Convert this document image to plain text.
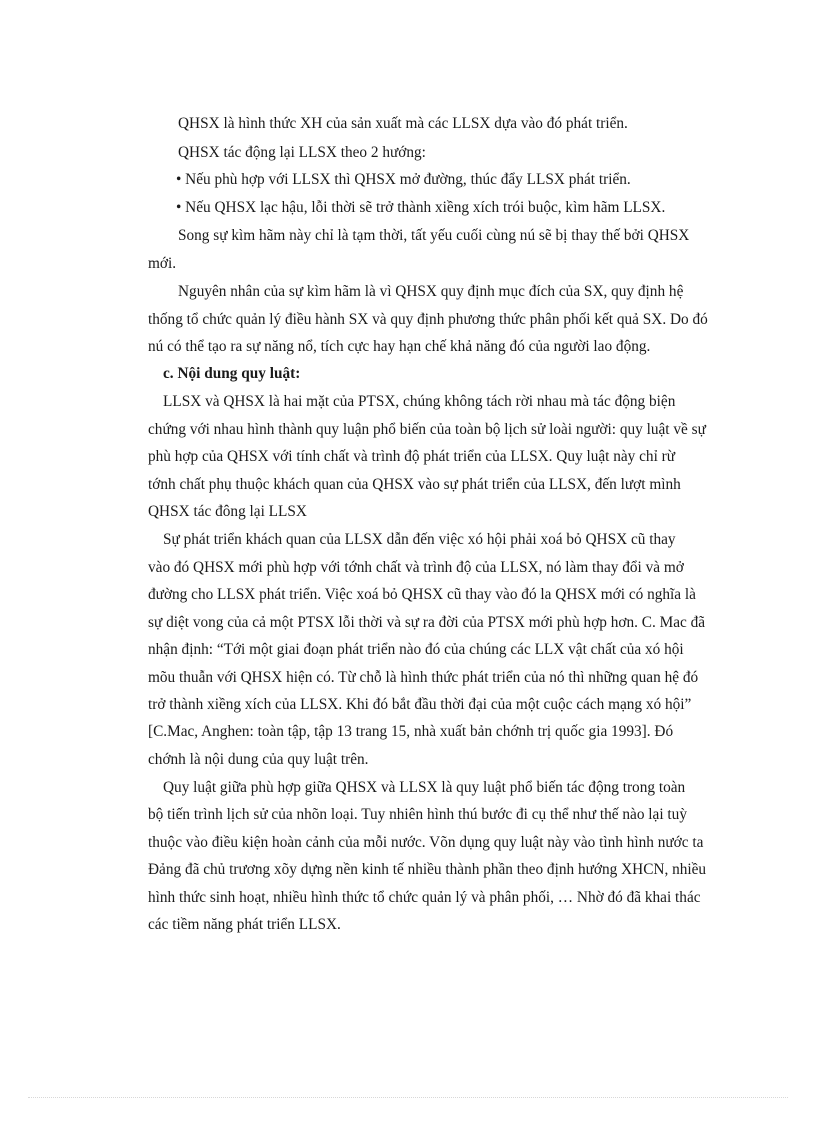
QHSX là hình thức XH của sản xuất mà các LLSX dựa vào đó phát triển.
QHSX tác động lại LLSX theo 2 hướng:
• Nếu phù hợp với LLSX thì QHSX mở đường, thúc đẩy LLSX phát triển.
• Nếu QHSX lạc hậu, lỗi thời sẽ trở thành xiềng xích trói buộc, kìm hãm LLSX.
Song sự kìm hãm này chỉ là tạm thời, tất yếu cuối cùng nú sẽ bị thay thế bởi QHSX
mới.
Nguyên nhân của sự kìm hãm là vì QHSX quy định mục đích của SX, quy định hệ
thống tổ chức quản lý điều hành SX và quy định phương thức phân phối kết quả SX. Do đó
nú có thể tạo ra sự năng nổ, tích cực hay hạn chế khả năng đó của người lao động.
c. Nội dung quy luật:
LLSX và QHSX là hai mặt của PTSX, chúng không tách rời nhau mà tác động biện
chứng với nhau hình thành quy luận phổ biến của toàn bộ lịch sử loài người: quy luật về sự
phù hợp của QHSX với tính chất và trình độ phát triển của LLSX. Quy luật này chỉ rừ
tớnh chất phụ thuộc khách quan của QHSX vào sự phát triển của LLSX, đến lượt mình
QHSX tác đông lại LLSX
Sự phát triển khách quan của LLSX dẫn đến việc xó hội phải xoá bỏ QHSX cũ thay
vào đó QHSX mới phù hợp với tớnh chất và trình độ của LLSX, nó làm thay đổi và mở
đường cho LLSX phát triển. Việc xoá bỏ QHSX cũ thay vào đó la QHSX mới có nghĩa là
sự diệt vong của cả một PTSX lỗi thời và sự ra đời của PTSX mới phù hợp hơn. C. Mac đã
nhận định: “Tới một giai đoạn phát triển nào đó của chúng các LLX vật chất của xó hội
mõu thuẫn với QHSX hiện có. Từ chỗ là hình thức phát triển của nó thì những quan hệ đó
trở thành xiềng xích của LLSX. Khi đó bắt đầu thời đại của một cuộc cách mạng xó hội”
[C.Mac, Anghen: toàn tập, tập 13 trang 15, nhà xuất bản chớnh trị quốc gia 1993]. Đó
chớnh là nội dung của quy luật trên.
Quy luật giữa phù hợp giữa QHSX và LLSX là quy luật phổ biến tác động trong toàn
bộ tiến trình lịch sử của nhõn loại. Tuy nhiên hình thú bước đi cụ thể như thế nào lại tuỳ
thuộc vào điều kiện hoàn cảnh của mỗi nước. Võn dụng quy luật này vào tình hình nước ta
Đảng đã chủ trương xõy dựng nền kinh tế nhiều thành phần theo định hướng XHCN, nhiều
hình thức sinh hoạt, nhiều hình thức tổ chức quản lý và phân phối, … Nhờ đó đã khai thác
các tiềm năng phát triển LLSX.
